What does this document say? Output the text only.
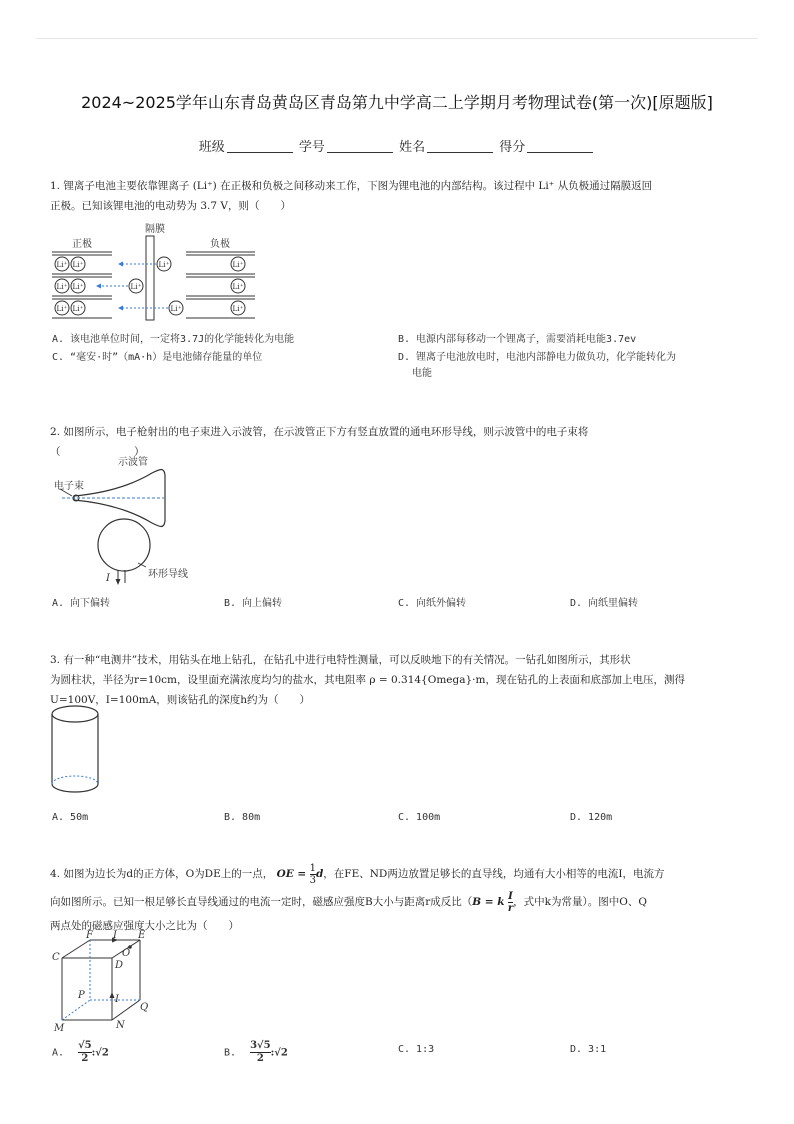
2024~2025学年山东青岛黄岛区青岛第九中学高二上学期月考物理试卷(第一次)[原题版]
班级	学号	姓名	得分
1. 锂离子电池主要依靠锂离子 (Li⁺) 在正极和负极之间移动来工作，下图为锂电池的内部结构。该过程中 Li⁺ 从负极通过隔膜返回
正极。已知该锂电池的电动势为 3.7 V，则（　　）
隔膜
正极	负极
Li⁺ Li⁺
Li⁺ Li⁺
Li⁺ Li⁺
Li⁺
Li⁺
Li⁺
Li⁺
Li⁺
Li⁺
A. 该电池单位时间，一定将3.7J的化学能转化为电能	B. 电源内部每移动一个锂离子，需要消耗电能3.7ev
C. “毫安·时”（mA·h）是电池储存能量的单位	D. 锂离子电池放电时，电池内部静电力做负功，化学能转化为
电能
2. 如图所示，电子枪射出的电子束进入示波管，在示波管正下方有竖直放置的通电环形导线，则示波管中的电子束将
（　　　　　　　）
示波管
电子束
I	环形导线
A. 向下偏转	B. 向上偏转	C. 向纸外偏转	D. 向纸里偏转
3. 有一种“电测井”技术，用钻头在地上钻孔，在钻孔中进行电特性测量，可以反映地下的有关情况。一钻孔如图所示，其形状
为圆柱状，半径为r=10cm，设里面充满浓度均匀的盐水，其电阻率 ρ = 0.314{Omega}·m，现在钻孔的上表面和底部加上电压，测得
U=100V，I=100mA，则该钻孔的深度h约为（　　）
A. 50m	B. 80m	C. 100m	D. 120m
4. 如图为边长为d的正方体，O为DE上的一点， OE = $\frac{1}{3}$ d，在FE、ND两边放置足够长的直导线，均通有大小相等的电流I，电流方
向如图所示。已知一根足够长直导线通过的电流一定时，磁感应强度B大小与距离r成反比（B = k $\frac{I}{r}$ ，式中k为常量）。图中O、Q
两点处的磁感应强度大小之比为（　　）
F I E
O
C
D
P	I
Q
M	N
A. $\frac{√5}{2}$ :√2	B. $\frac{3√5}{2}$ :√2	C. 1:3	D. 3:1
